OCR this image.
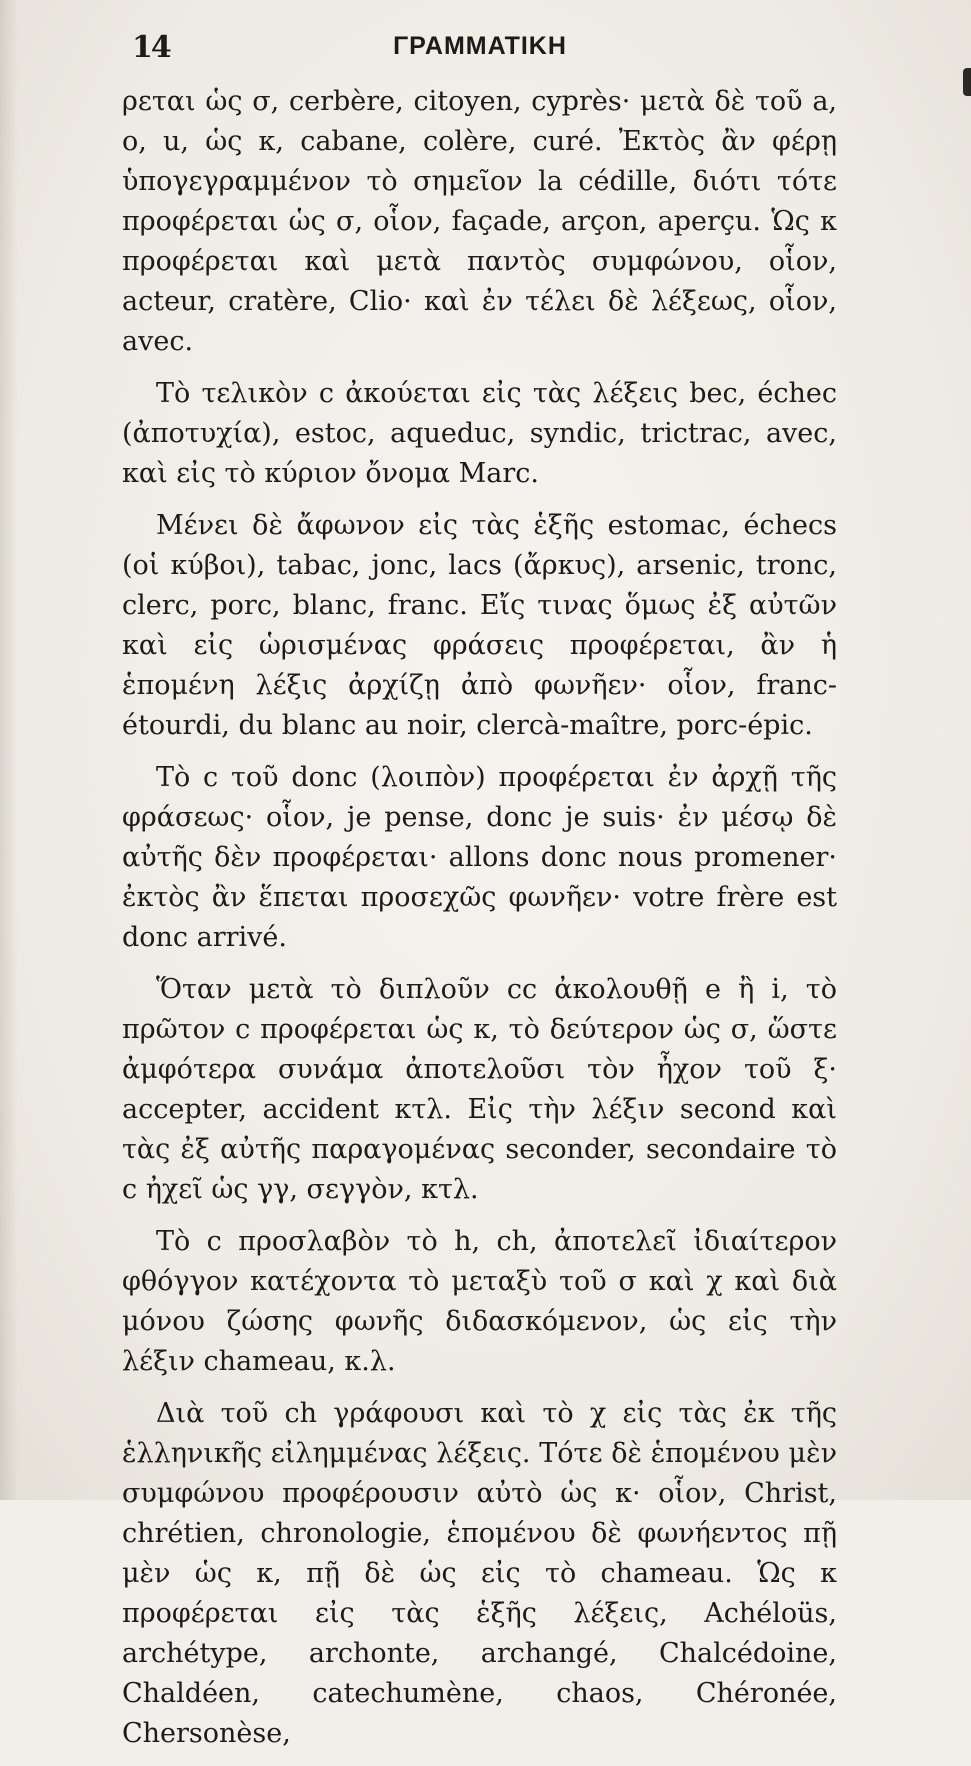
14	ΓΡΑΜΜΑΤΙΚΗ

ρεται ὡς σ, cerbère, citoyen, cyprès· μετὰ δὲ τοῦ a, o, u, ὡς κ, cabane, colère, curé. Ἐκτὸς ἂν φέρῃ ὑπογεγραμμένον τὸ σημεῖον la cédille, διότι τότε προφέρεται ὡς σ, οἷον, façade, arçon, aperçu. Ὡς κ προφέρεται καὶ μετὰ παντὸς συμφώνου, οἷον, acteur, cratère, Clio· καὶ ἐν τέλει δὲ λέξεως, οἷον, avec.

Τὸ τελικὸν c ἀκούεται εἰς τὰς λέξεις bec, échec (ἀποτυχία), estoc, aqueduc, syndic, trictrac, avec, καὶ εἰς τὸ κύριον ὄνομα Marc.

Μένει δὲ ἄφωνον εἰς τὰς ἑξῆς estomac, échecs (οἱ κύβοι), tabac, jonc, lacs (ἄρκυς), arsenic, tronc, clerc, porc, blanc, franc. Εἴς τινας ὅμως ἐξ αὐτῶν καὶ εἰς ὡρισμένας φράσεις προφέρεται, ἂν ἡ ἑπομένη λέξις ἀρχίζῃ ἀπὸ φωνῆεν· οἷον, franc-étourdi, du blanc au noir, clercà-maître, porc-épic.

Τὸ c τοῦ donc (λοιπὸν) προφέρεται ἐν ἀρχῇ τῆς φράσεως· οἷον, je pense, donc je suis· ἐν μέσῳ δὲ αὐτῆς δὲν προφέρεται· allons donc nous promener· ἐκτὸς ἂν ἕπεται προσεχῶς φωνῆεν· votre frère est donc arrivé.

Ὅταν μετὰ τὸ διπλοῦν cc ἀκολουθῇ e ἢ i, τὸ πρῶτον c προφέρεται ὡς κ, τὸ δεύτερον ὡς σ, ὥστε ἀμφότερα συνάμα ἀποτελοῦσι τὸν ἦχον τοῦ ξ· accepter, accident κτλ. Εἰς τὴν λέξιν second καὶ τὰς ἐξ αὐτῆς παραγομένας seconder, secondaire τὸ c ἠχεῖ ὡς γγ, σεγγὸν, κτλ.

Τὸ c προσλαβὸν τὸ h, ch, ἀποτελεῖ ἰδιαίτερον φθόγγον κατέχοντα τὸ μεταξὺ τοῦ σ καὶ χ καὶ διὰ μόνου ζώσης φωνῆς διδασκόμενον, ὡς εἰς τὴν λέξιν chameau, κ.λ.

Διὰ τοῦ ch γράφουσι καὶ τὸ χ εἰς τὰς ἐκ τῆς ἑλληνικῆς εἰλημμένας λέξεις. Τότε δὲ ἑπομένου μὲν συμφώνου προφέρουσιν αὐτὸ ὡς κ· οἷον, Christ, chrétien, chronologie, ἑπομένου δὲ φωνήεντος πῇ μὲν ὡς κ, πῇ δὲ ὡς εἰς τὸ chameau. Ὡς κ προφέρεται εἰς τὰς ἑξῆς λέξεις, Achéloüs, archétype, archonte, archangé, Chalcédoine, Chaldéen, catechumène, chaos, Chéronée, Chersonèse,
